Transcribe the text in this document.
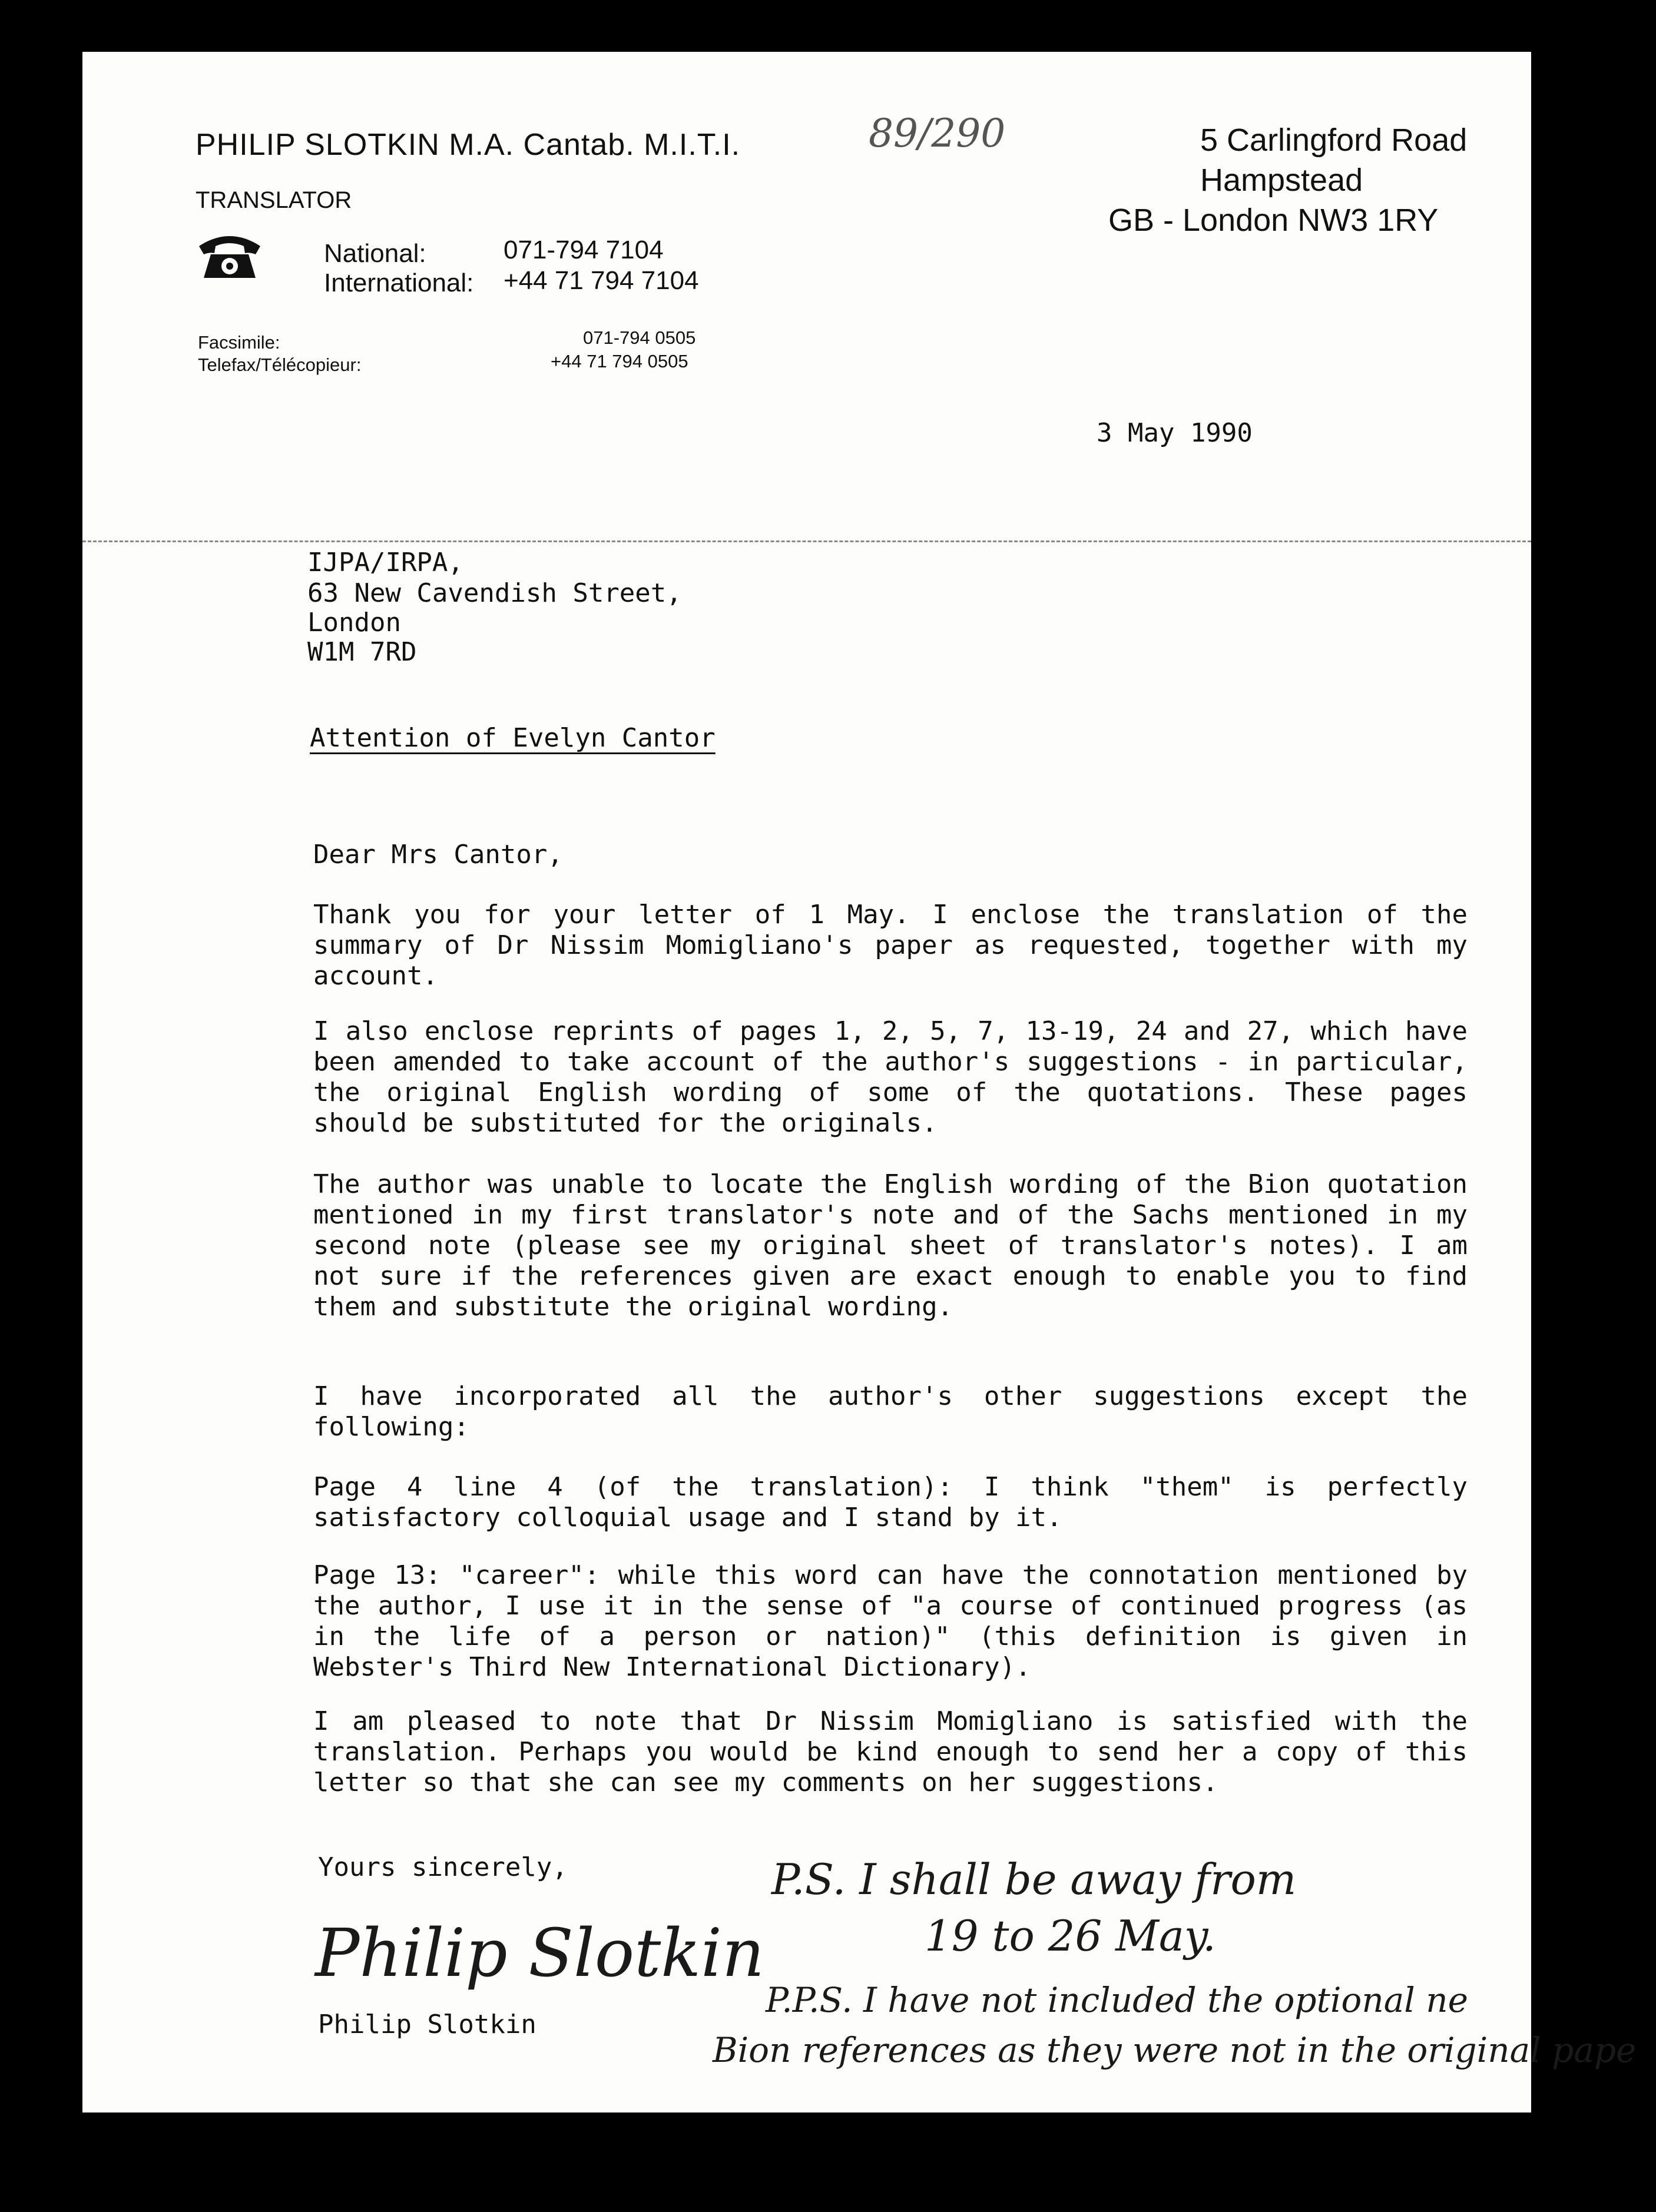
PHILIP SLOTKIN M.A. Cantab. M.I.T.I.
TRANSLATOR
National:	071-794 7104
International: +44 71 794 7104
Facsimile:	071-794 0505
Telefax/Télécopieur:	+44 71 794 0505
89/290	5 Carlingford Road
Hampstead
GB - London NW3 1RY
3 May 1990
IJPA/IRPA,
63 New Cavendish Street,
London
W1M 7RD
Attention of Evelyn Cantor
Dear Mrs Cantor,
Thank you for your letter of 1 May. I enclose the translation of the summary of Dr Nissim Momigliano's paper as requested, together with my account.
I also enclose reprints of pages 1, 2, 5, 7, 13-19, 24 and 27, which have been amended to take account of the author's suggestions - in particular, the original English wording of some of the quotations. These pages should be substituted for the originals.
The author was unable to locate the English wording of the Bion quotation mentioned in my first translator's note and of the Sachs mentioned in my second note (please see my original sheet of translator's notes). I am not sure if the references given are exact enough to enable you to find them and substitute the original wording.
I have incorporated all the author's other suggestions except the following:
Page 4 line 4 (of the translation): I think "them" is perfectly satisfactory colloquial usage and I stand by it.
Page 13: "career": while this word can have the connotation mentioned by the author, I use it in the sense of "a course of continued progress (as in the life of a person or nation)" (this definition is given in Webster's Third New International Dictionary).
I am pleased to note that Dr Nissim Momigliano is satisfied with the translation. Perhaps you would be kind enough to send her a copy of this letter so that she can see my comments on her suggestions.
Yours sincerely,
Philip Slotkin
Philip Slotkin
P.S. I shall be away from
19 to 26 May.
P.P.S. I have not included the optional ne
Bion references as they were not in the original pape
